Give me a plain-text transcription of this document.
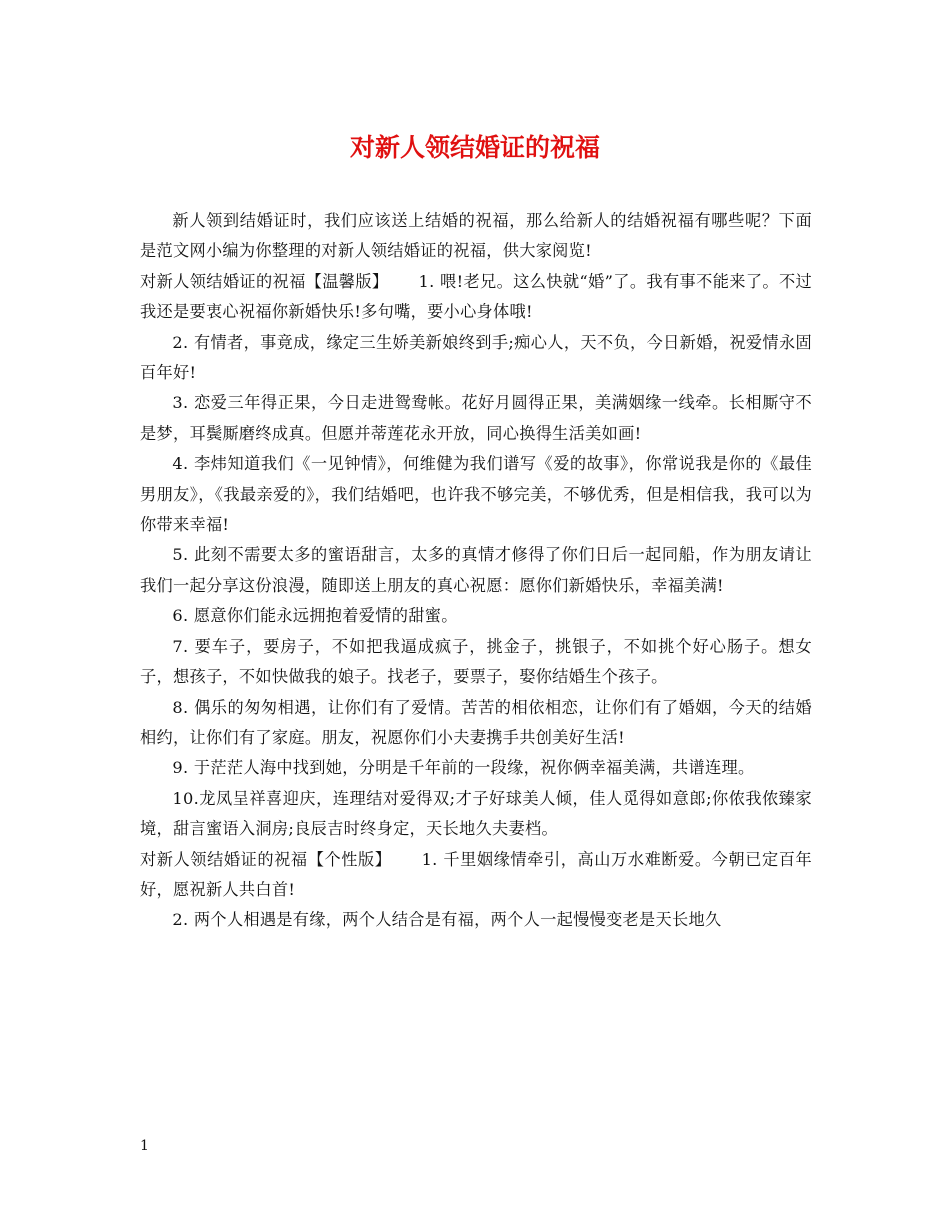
对新人领结婚证的祝福

新人领到结婚证时，我们应该送上结婚的祝福，那么给新人的结婚祝福有哪些呢？下面是范文网小编为你整理的对新人领结婚证的祝福，供大家阅览!

对新人领结婚证的祝福【温馨版】 1. 喂!老兄。这么快就“婚”了。我有事不能来了。不过我还是要衷心祝福你新婚快乐!多句嘴，要小心身体哦!

2. 有情者，事竟成，缘定三生娇美新娘终到手;痴心人，天不负，今日新婚，祝爱情永固百年好!

3. 恋爱三年得正果，今日走进鸳鸯帐。花好月圆得正果，美满姻缘一线牵。长相厮守不是梦，耳鬓厮磨终成真。但愿并蒂莲花永开放，同心换得生活美如画!

4. 李炜知道我们《一见钟情》，何维健为我们谱写《爱的故事》，你常说我是你的《最佳男朋友》，《我最亲爱的》，我们结婚吧，也许我不够完美，不够优秀，但是相信我，我可以为你带来幸福!

5. 此刻不需要太多的蜜语甜言，太多的真情才修得了你们日后一起同船，作为朋友请让我们一起分享这份浪漫，随即送上朋友的真心祝愿：愿你们新婚快乐，幸福美满!

6. 愿意你们能永远拥抱着爱情的甜蜜。

7. 要车子，要房子，不如把我逼成疯子，挑金子，挑银子，不如挑个好心肠子。想女子，想孩子，不如快做我的娘子。找老子，要票子，娶你结婚生个孩子。

8. 偶乐的匆匆相遇，让你们有了爱情。苦苦的相依相恋，让你们有了婚姻，今天的结婚相约，让你们有了家庭。朋友，祝愿你们小夫妻携手共创美好生活!

9. 于茫茫人海中找到她，分明是千年前的一段缘，祝你俩幸福美满，共谱连理。

10.龙凤呈祥喜迎庆，连理结对爱得双;才子好球美人倾，佳人觅得如意郎;你侬我侬臻家境，甜言蜜语入洞房;良辰吉时终身定，天长地久夫妻档。

对新人领结婚证的祝福【个性版】 1. 千里姻缘情牵引，高山万水难断爱。今朝已定百年好，愿祝新人共白首!

2. 两个人相遇是有缘，两个人结合是有福，两个人一起慢慢变老是天长地久

1
